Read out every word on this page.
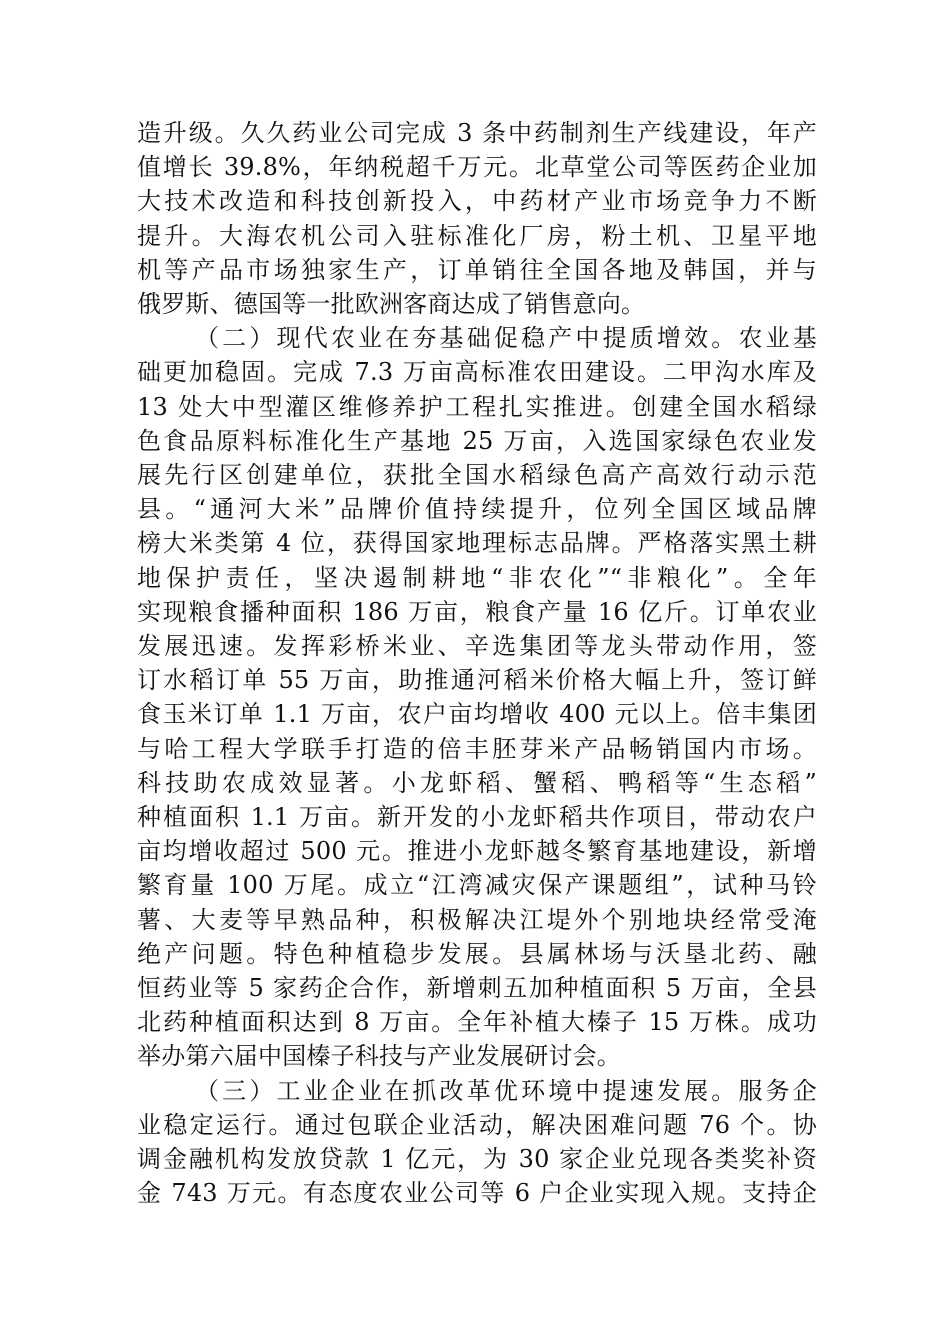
造升级。久久药业公司完成 3 条中药制剂生产线建设，年产
值增长 39.8%，年纳税超千万元。北草堂公司等医药企业加
大技术改造和科技创新投入，中药材产业市场竞争力不断
提升。大海农机公司入驻标准化厂房，粉土机、卫星平地
机等产品市场独家生产，订单销往全国各地及韩国，并与
俄罗斯、德国等一批欧洲客商达成了销售意向。
（二）现代农业在夯基础促稳产中提质增效。农业基
础更加稳固。完成 7.3 万亩高标准农田建设。二甲沟水库及
13 处大中型灌区维修养护工程扎实推进。创建全国水稻绿
色食品原料标准化生产基地 25 万亩，入选国家绿色农业发
展先行区创建单位，获批全国水稻绿色高产高效行动示范
县。“通河大米”品牌价值持续提升，位列全国区域品牌
榜大米类第 4 位，获得国家地理标志品牌。严格落实黑土耕
地保护责任，坚决遏制耕地“非农化”“非粮化”。全年
实现粮食播种面积 186 万亩，粮食产量 16 亿斤。订单农业
发展迅速。发挥彩桥米业、辛选集团等龙头带动作用，签
订水稻订单 55 万亩，助推通河稻米价格大幅上升，签订鲜
食玉米订单 1.1 万亩，农户亩均增收 400 元以上。倍丰集团
与哈工程大学联手打造的倍丰胚芽米产品畅销国内市场。
科技助农成效显著。小龙虾稻、蟹稻、鸭稻等“生态稻”
种植面积 1.1 万亩。新开发的小龙虾稻共作项目，带动农户
亩均增收超过 500 元。推进小龙虾越冬繁育基地建设，新增
繁育量 100 万尾。成立“江湾减灾保产课题组”，试种马铃
薯、大麦等早熟品种，积极解决江堤外个别地块经常受淹
绝产问题。特色种植稳步发展。县属林场与沃垦北药、融
恒药业等 5 家药企合作，新增刺五加种植面积 5 万亩，全县
北药种植面积达到 8 万亩。全年补植大榛子 15 万株。成功
举办第六届中国榛子科技与产业发展研讨会。
（三）工业企业在抓改革优环境中提速发展。服务企
业稳定运行。通过包联企业活动，解决困难问题 76 个。协
调金融机构发放贷款 1 亿元，为 30 家企业兑现各类奖补资
金 743 万元。有态度农业公司等 6 户企业实现入规。支持企
